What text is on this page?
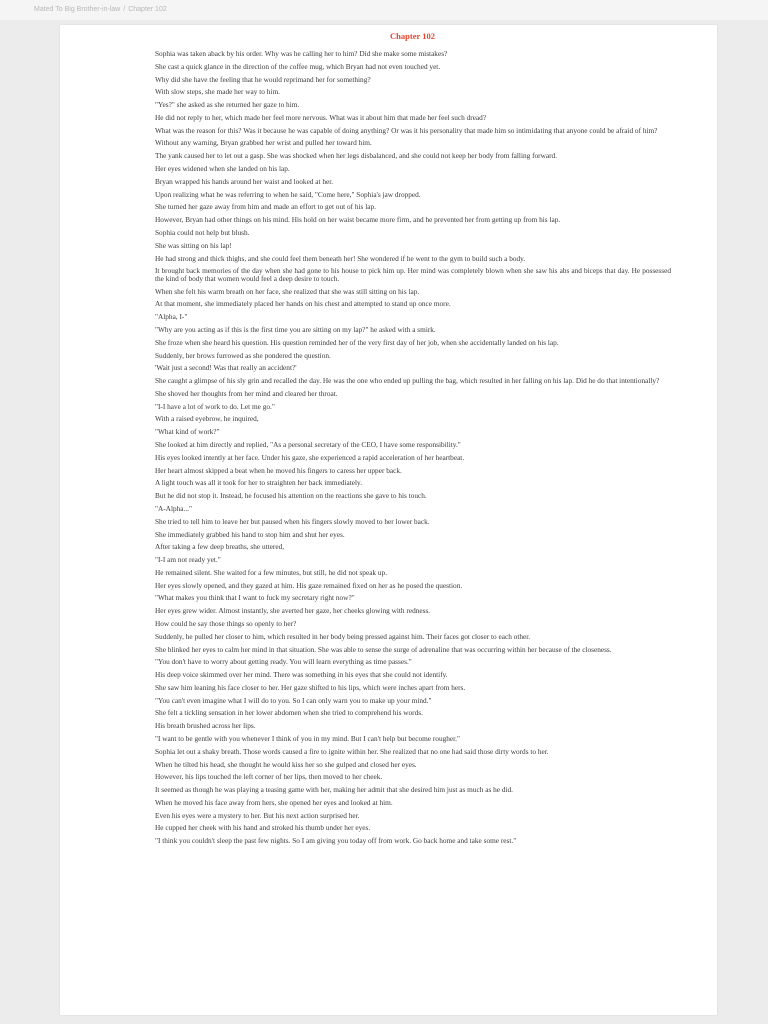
Mated To Big Brother-in-law / Chapter 102
Chapter 102

Sophia was taken aback by his order. Why was he calling her to him? Did she make some mistakes?

She cast a quick glance in the direction of the coffee mug, which Bryan had not even touched yet.

Why did she have the feeling that he would reprimand her for something?

With slow steps, she made her way to him.

"Yes?" she asked as she returned her gaze to him.

He did not reply to her, which made her feel more nervous. What was it about him that made her feel such dread?

What was the reason for this? Was it because he was capable of doing anything? Or was it his personality that made him so intimidating that anyone could be afraid of him?

Without any warning, Bryan grabbed her wrist and pulled her toward him.

The yank caused her to let out a gasp. She was shocked when her legs disbalanced, and she could not keep her body from falling forward.

Her eyes widened when she landed on his lap.

Bryan wrapped his hands around her waist and looked at her.

Upon realizing what he was referring to when he said, "Come here," Sophia's jaw dropped.

She turned her gaze away from him and made an effort to get out of his lap.

However, Bryan had other things on his mind. His hold on her waist became more firm, and he prevented her from getting up from his lap.

Sophia could not help but blush.

She was sitting on his lap!

He had strong and thick thighs, and she could feel them beneath her! She wondered if he went to the gym to build such a body.

It brought back memories of the day when she had gone to his house to pick him up. Her mind was completely blown when she saw his abs and biceps that day. He possessed the kind of body that women would feel a deep desire to touch.

When she felt his warm breath on her face, she realized that she was still sitting on his lap.

At that moment, she immediately placed her hands on his chest and attempted to stand up once more.

"Alpha, I-"

"Why are you acting as if this is the first time you are sitting on my lap?" he asked with a smirk.

She froze when she heard his question. His question reminded her of the very first day of her job, when she accidentally landed on his lap.

Suddenly, her brows furrowed as she pondered the question.

'Wait just a second! Was that really an accident?'

She caught a glimpse of his sly grin and recalled the day. He was the one who ended up pulling the bag, which resulted in her falling on his lap. Did he do that intentionally?

She shoved her thoughts from her mind and cleared her throat.

"I-I have a lot of work to do. Let me go."

With a raised eyebrow, he inquired,

"What kind of work?"

She looked at him directly and replied, "As a personal secretary of the CEO, I have some responsibility."

His eyes looked intently at her face. Under his gaze, she experienced a rapid acceleration of her heartbeat.

Her heart almost skipped a beat when he moved his fingers to caress her upper back.

A light touch was all it took for her to straighten her back immediately.

But he did not stop it. Instead, he focused his attention on the reactions she gave to his touch.

"A-Alpha..."

She tried to tell him to leave her but paused when his fingers slowly moved to her lower back.

She immediately grabbed his hand to stop him and shut her eyes.

After taking a few deep breaths, she uttered,

"I-I am not ready yet."

He remained silent. She waited for a few minutes, but still, he did not speak up.

Her eyes slowly opened, and they gazed at him. His gaze remained fixed on her as he posed the question.

"What makes you think that I want to fuck my secretary right now?"

Her eyes grew wider. Almost instantly, she averted her gaze, her cheeks glowing with redness.

How could he say those things so openly to her?

Suddenly, he pulled her closer to him, which resulted in her body being pressed against him. Their faces got closer to each other.

She blinked her eyes to calm her mind in that situation. She was able to sense the surge of adrenaline that was occurring within her because of the closeness.

"You don't have to worry about getting ready. You will learn everything as time passes."

His deep voice skimmed over her mind. There was something in his eyes that she could not identify.

She saw him leaning his face closer to her. Her gaze shifted to his lips, which were inches apart from hers.

"You can't even imagine what I will do to you. So I can only warn you to make up your mind."

She felt a tickling sensation in her lower abdomen when she tried to comprehend his words.

His breath brushed across her lips.

"I want to be gentle with you whenever I think of you in my mind. But I can't help but become rougher."

Sophia let out a shaky breath. Those words caused a fire to ignite within her. She realized that no one had said those dirty words to her.

When he tilted his head, she thought he would kiss her so she gulped and closed her eyes.

However, his lips touched the left corner of her lips, then moved to her cheek.

It seemed as though he was playing a teasing game with her, making her admit that she desired him just as much as he did.

When he moved his face away from hers, she opened her eyes and looked at him.

Even his eyes were a mystery to her. But his next action surprised her.

He cupped her cheek with his hand and stroked his thumb under her eyes.

"I think you couldn't sleep the past few nights. So I am giving you today off from work. Go back home and take some rest."
